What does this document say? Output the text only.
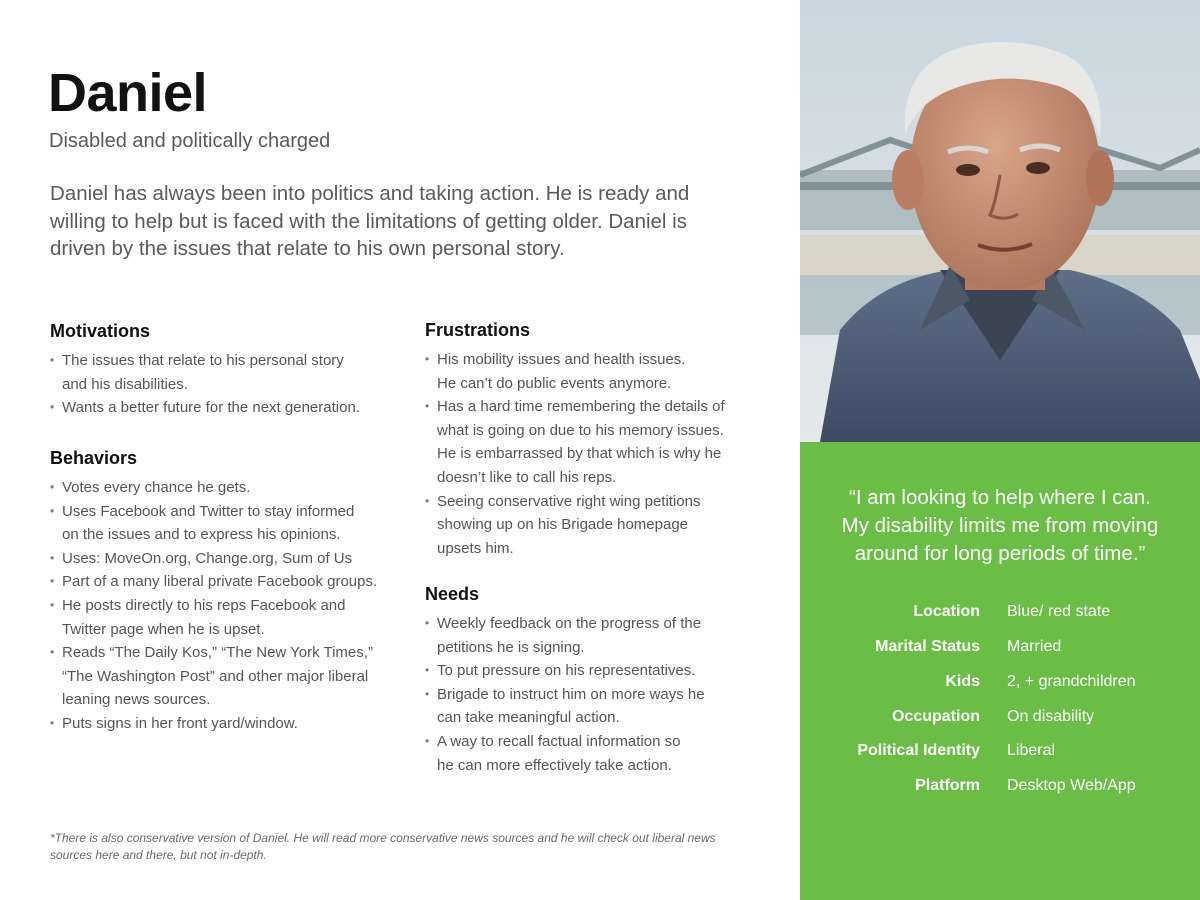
Daniel
Disabled and politically charged
Daniel has always been into politics and taking action. He is ready and willing to help but is faced with the limitations of getting older. Daniel is driven by the issues that relate to his own personal story.
Motivations
• The issues that relate to his personal story
and his disabilities.
• Wants a better future for the next generation.
Behaviors
• Votes every chance he gets.
• Uses Facebook and Twitter to stay informed
on the issues and to express his opinions.
• Uses: MoveOn.org, Change.org, Sum of Us
• Part of a many liberal private Facebook groups.
• He posts directly to his reps Facebook and
Twitter page when he is upset.
• Reads “The Daily Kos,” “The New York Times,”
“The Washington Post” and other major liberal
leaning news sources.
• Puts signs in her front yard/window.
Frustrations
• His mobility issues and health issues.
He can’t do public events anymore.
• Has a hard time remembering the details of
what is going on due to his memory issues.
He is embarrassed by that which is why he
doesn’t like to call his reps.
• Seeing conservative right wing petitions
showing up on his Brigade homepage
upsets him.
Needs
• Weekly feedback on the progress of the
petitions he is signing.
• To put pressure on his representatives.
• Brigade to instruct him on more ways he
can take meaningful action.
• A way to recall factual information so
he can more effectively take action.
*There is also conservative version of Daniel. He will read more conservative news sources and he will check out liberal news sources here and there, but not in-depth.
“I am looking to help where I can.
My disability limits me from moving
around for long periods of time.”
Location Blue/ red state
Marital Status Married
Kids 2, + grandchildren
Occupation On disability
Political Identity Liberal
Platform Desktop Web/App
